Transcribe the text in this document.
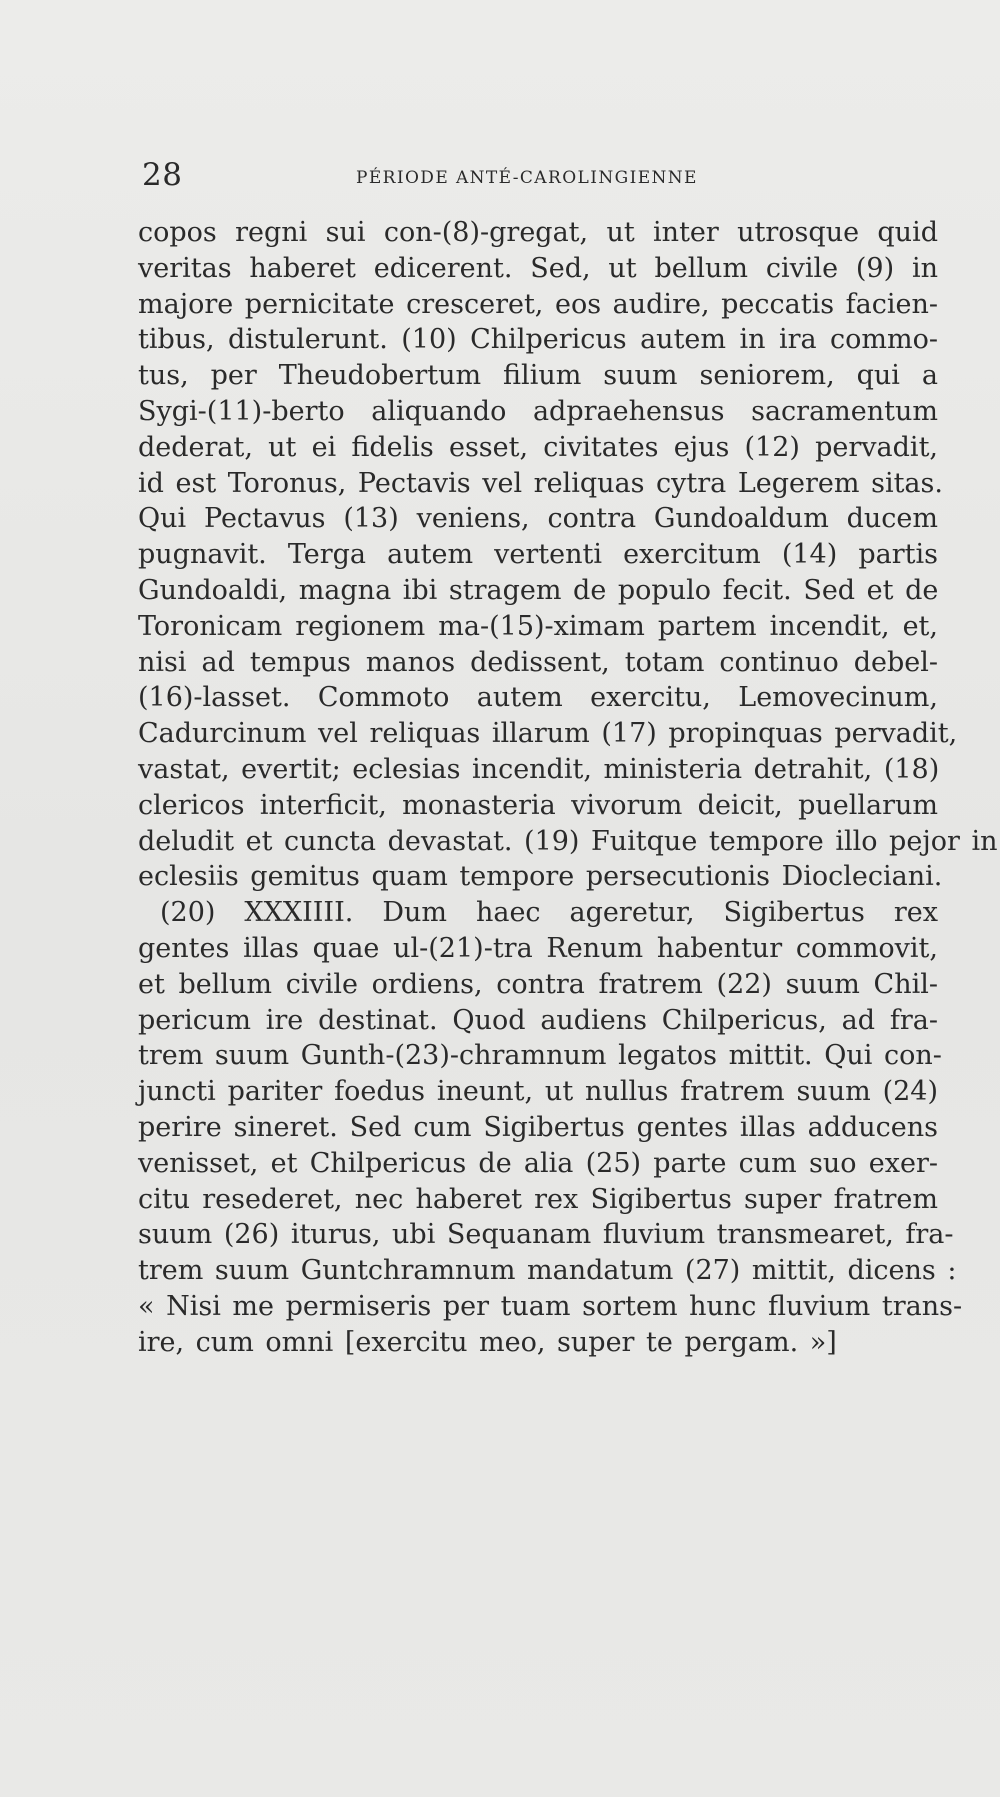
28	PÉRIODE ANTÉ-CAROLINGIENNE
copos regni sui con-(8)-gregat, ut inter utrosque quid
veritas haberet edicerent. Sed, ut bellum civile (9) in
majore pernicitate cresceret, eos audire, peccatis facien-
tibus, distulerunt. (10) Chilpericus autem in ira commo-
tus, per Theudobertum filium suum seniorem, qui a
Sygi-(11)-berto aliquando adpraehensus sacramentum
dederat, ut ei fidelis esset, civitates ejus (12) pervadit,
id est Toronus, Pectavis vel reliquas cytra Legerem sitas.
Qui Pectavus (13) veniens, contra Gundoaldum ducem
pugnavit. Terga autem vertenti exercitum (14) partis
Gundoaldi, magna ibi stragem de populo fecit. Sed et de
Toronicam regionem ma-(15)-ximam partem incendit, et,
nisi ad tempus manos dedissent, totam continuo debel-
(16)-lasset. Commoto autem exercitu, Lemovecinum,
Cadurcinum vel reliquas illarum (17) propinquas pervadit,
vastat, evertit; eclesias incendit, ministeria detrahit, (18)
clericos interficit, monasteria vivorum deicit, puellarum
deludit et cuncta devastat. (19) Fuitque tempore illo pejor in
eclesiis gemitus quam tempore persecutionis Diocleciani.
(20) XXXIIII. Dum haec ageretur, Sigibertus rex
gentes illas quae ul-(21)-tra Renum habentur commovit,
et bellum civile ordiens, contra fratrem (22) suum Chil-
pericum ire destinat. Quod audiens Chilpericus, ad fra-
trem suum Gunth-(23)-chramnum legatos mittit. Qui con-
juncti pariter foedus ineunt, ut nullus fratrem suum (24)
perire sineret. Sed cum Sigibertus gentes illas adducens
venisset, et Chilpericus de alia (25) parte cum suo exer-
citu resederet, nec haberet rex Sigibertus super fratrem
suum (26) iturus, ubi Sequanam fluvium transmearet, fra-
trem suum Guntchramnum mandatum (27) mittit, dicens :
« Nisi me permiseris per tuam sortem hunc fluvium trans-
ire, cum omni [exercitu meo, super te pergam. »]
